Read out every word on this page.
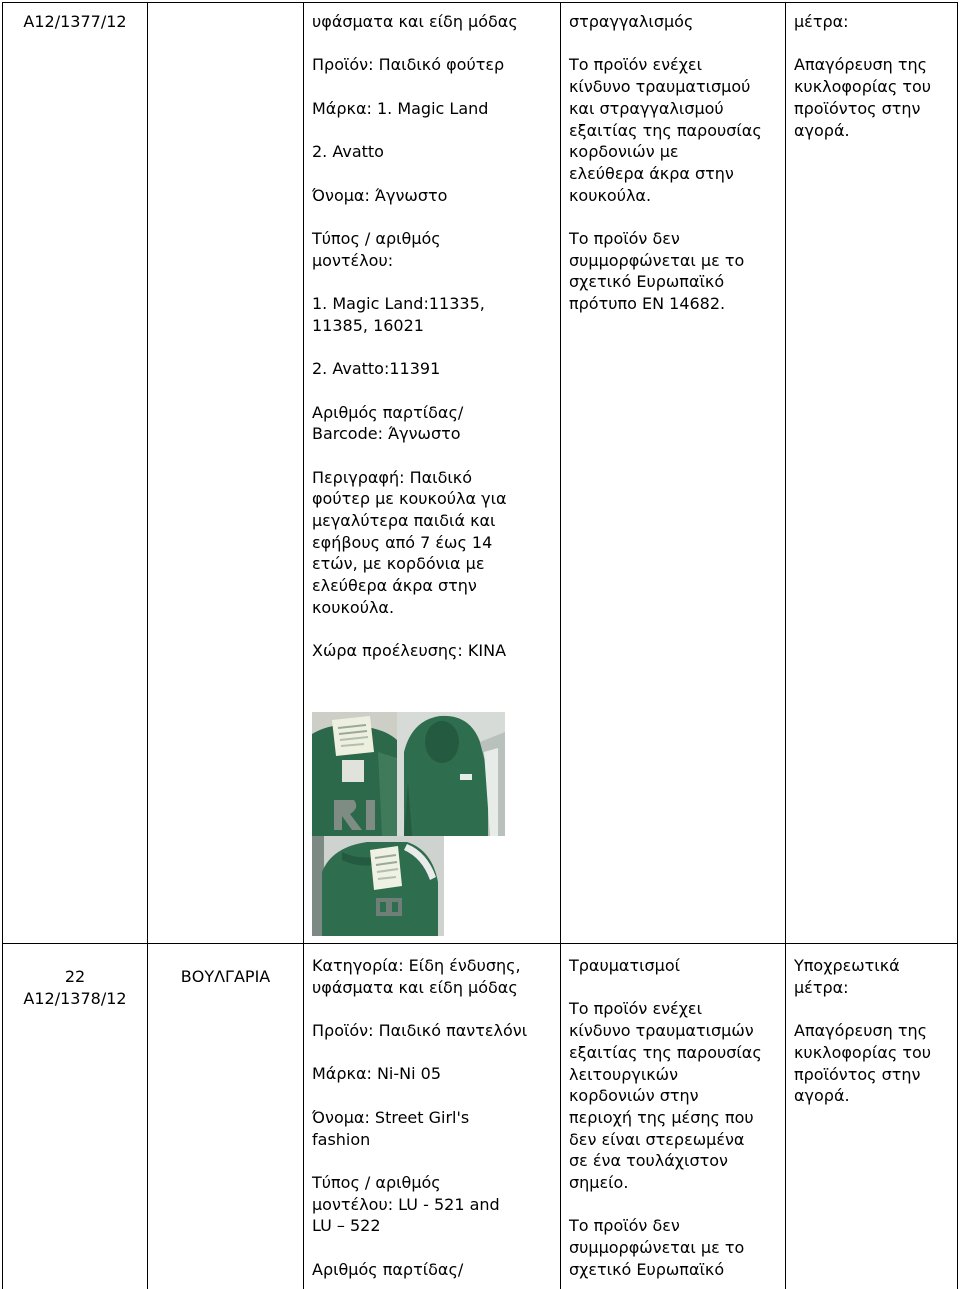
A12/1377/12	υφάσματα και είδη μόδας

Προϊόν: Παιδικό φούτερ

Μάρκα: 1. Magic Land

2. Avatto

Όνομα: Άγνωστο

Τύπος / αριθμός
μοντέλου:

1. Magic Land:11335,
11385, 16021

2. Avatto:11391

Αριθμός παρτίδας/
Barcode: Άγνωστο

Περιγραφή: Παιδικό
φούτερ με κουκούλα για
μεγαλύτερα παιδιά και
εφήβους από 7 έως 14
ετών, με κορδόνια με
ελεύθερα άκρα στην
κουκούλα.

Χώρα προέλευσης: ΚΙΝΑ

στραγγαλισμός

Το προϊόν ενέχει
κίνδυνο τραυματισμού
και στραγγαλισμού
εξαιτίας της παρουσίας
κορδονιών με
ελεύθερα άκρα στην
κουκούλα.

Το προϊόν δεν
συμμορφώνεται με το
σχετικό Ευρωπαϊκό
πρότυπο EN 14682.

μέτρα:

Απαγόρευση της
κυκλοφορίας του
προϊόντος στην
αγορά.

22
A12/1378/12
ΒΟΥΛΓΑΡΙΑ

Κατηγορία: Είδη ένδυσης,
υφάσματα και είδη μόδας

Προϊόν: Παιδικό παντελόνι

Μάρκα: Ni-Ni 05

Όνομα: Street Girl's
fashion

Τύπος / αριθμός
μοντέλου: LU - 521 and
LU – 522

Αριθμός παρτίδας/

Τραυματισμοί

Το προϊόν ενέχει
κίνδυνο τραυματισμών
εξαιτίας της παρουσίας
λειτουργικών
κορδονιών στην
περιοχή της μέσης που
δεν είναι στερεωμένα
σε ένα τουλάχιστον
σημείο.

Το προϊόν δεν
συμμορφώνεται με το
σχετικό Ευρωπαϊκό

Υποχρεωτικά
μέτρα:

Απαγόρευση της
κυκλοφορίας του
προϊόντος στην
αγορά.
